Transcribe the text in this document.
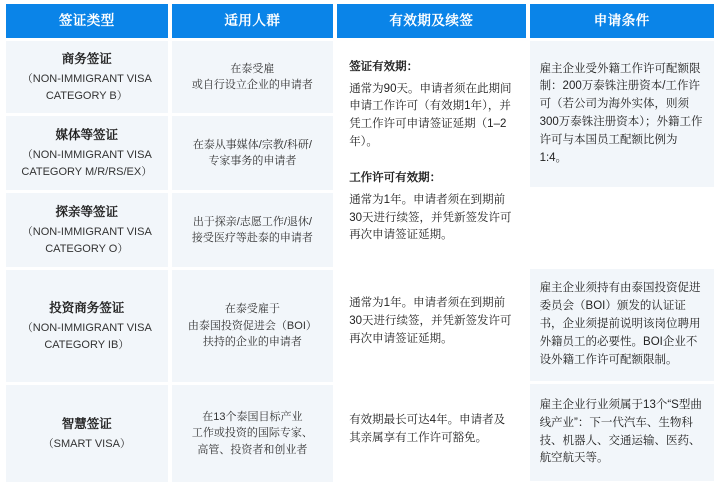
签证类型
商务签证
（NON-IMMIGRANT VISA
CATEGORY B）
媒体等签证
（NON-IMMIGRANT VISA
CATEGORY M/R/RS/EX）
探亲等签证
（NON-IMMIGRANT VISA
CATEGORY O）
投资商务签证
（NON-IMMIGRANT VISA
CATEGORY IB）
智慧签证
（SMART VISA）
适用人群
在泰受雇
或自行设立企业的申请者
在泰从事媒体/宗教/科研/
专家事务的申请者
出于探亲/志愿工作/退休/
接受医疗等赴泰的申请者
在泰受雇于
由泰国投资促进会（BOI）
扶持的企业的申请者
在13个泰国目标产业
工作或投资的国际专家、
高管、投资者和创业者
有效期及续签
签证有效期：
通常为90天。申请者须在此期间申请工作许可（有效期1年），并凭工作许可申请签证延期（1–2年）。
工作许可有效期：
通常为1年。申请者须在到期前30天进行续签，并凭新签发许可再次申请签证延期。
通常为1年。申请者须在到期前30天进行续签，并凭新签发许可再次申请签证延期。
有效期最长可达4年。申请者及其亲属享有工作许可豁免。
申请条件
雇主企业受外籍工作许可配额限制：200万泰铢注册资本/工作许可（若公司为海外实体，则须300万泰铢注册资本）；外籍工作许可与本国员工配额比例为1:4。
雇主企业须持有由泰国投资促进委员会（BOI）颁发的认证证书，企业须提前说明该岗位聘用外籍员工的必要性。BOI企业不设外籍工作许可配额限制。
雇主企业行业须属于13个“S型曲线产业”：下一代汽车、生物科技、机器人、交通运输、医药、航空航天等。
